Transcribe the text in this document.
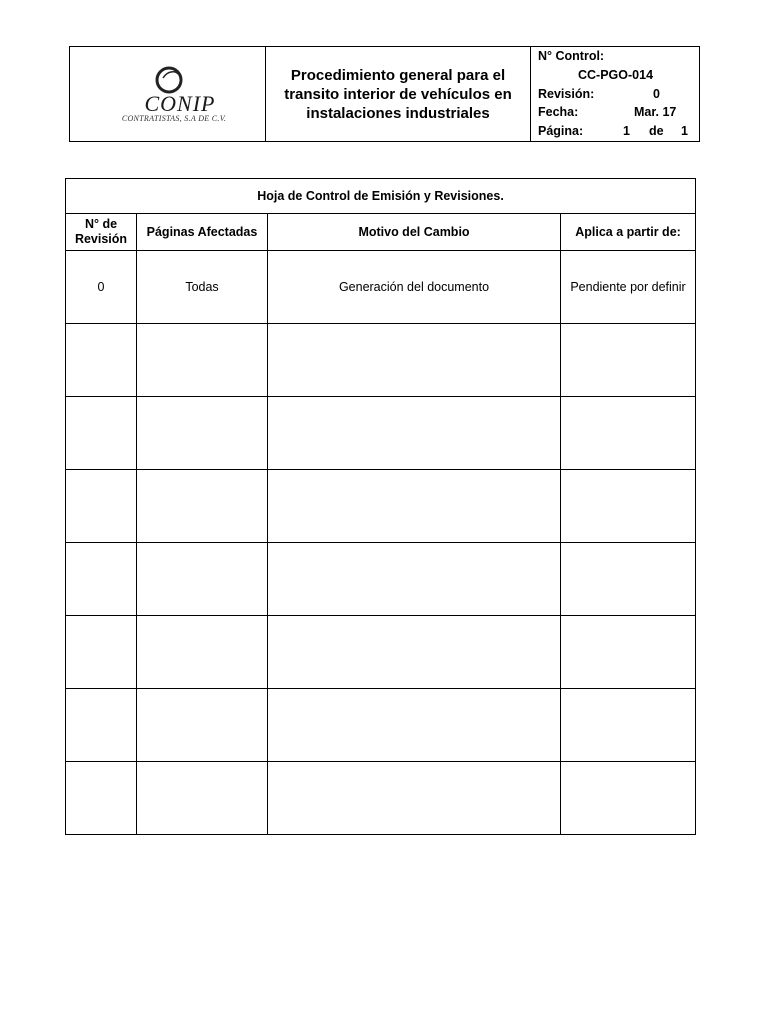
CONIP
CONTRATISTAS, S.A DE C.V.
Procedimiento general para el
transito interior de vehículos en
instalaciones industriales
N° Control:
CC-PGO-014
Revisión:	0
Fecha:	Mar. 17
Página:	1 de 1
Hoja de Control de Emisión y Revisiones.			
N° de
Revisión	Páginas Afectadas	Motivo del Cambio	Aplica a partir de:
0	Todas	Generación del documento	Pendiente por definir
